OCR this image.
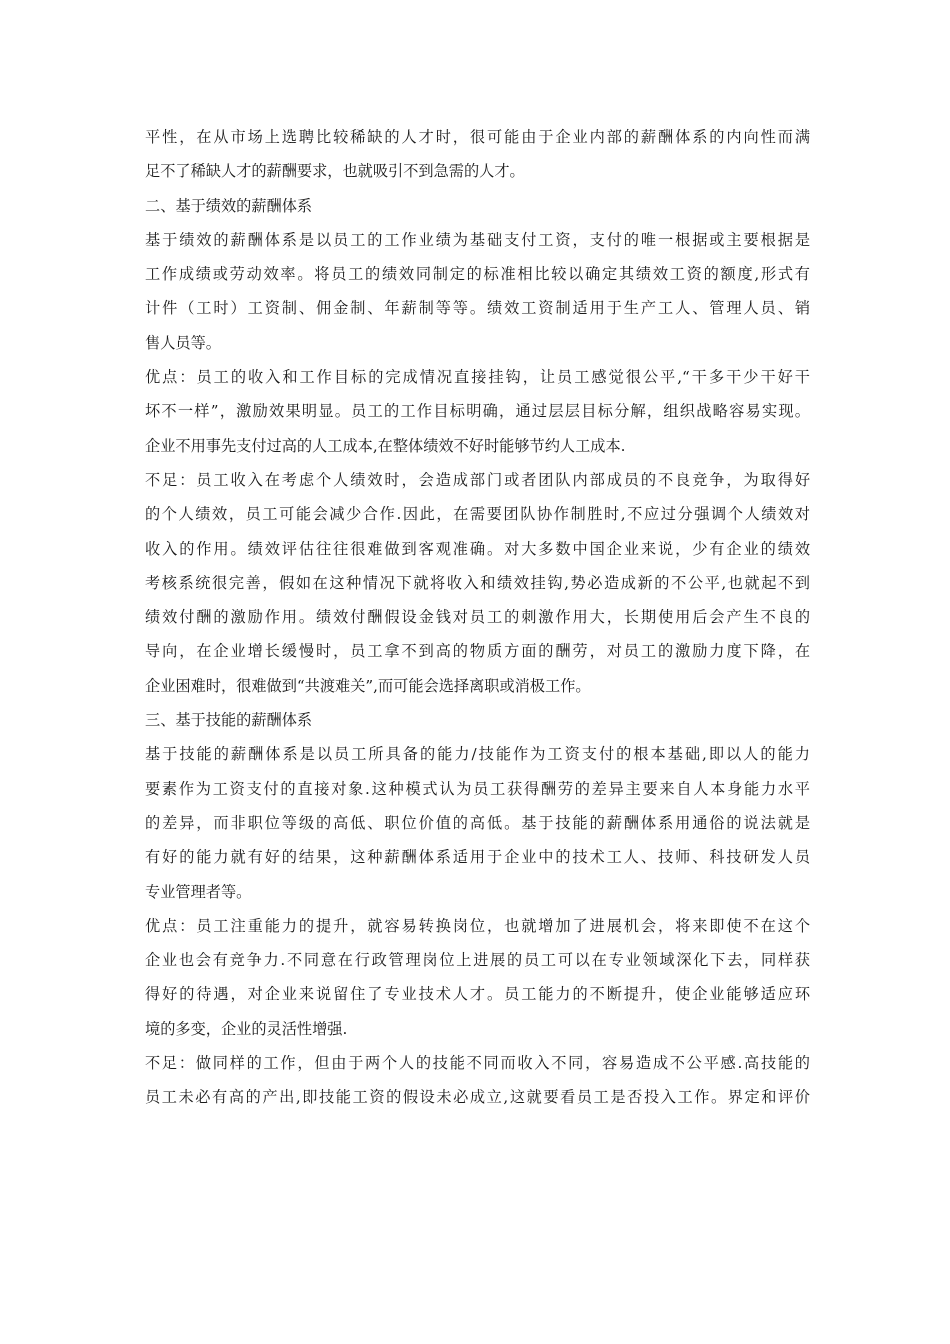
平性，在从市场上选聘比较稀缺的人才时，很可能由于企业内部的薪酬体系的内向性而满
足不了稀缺人才的薪酬要求，也就吸引不到急需的人才。
二、基于绩效的薪酬体系
基于绩效的薪酬体系是以员工的工作业绩为基础支付工资，支付的唯一根据或主要根据是
工作成绩或劳动效率。将员工的绩效同制定的标准相比较以确定其绩效工资的额度,形式有
计件（工时）工资制、佣金制、年薪制等等。绩效工资制适用于生产工人、管理人员、销
售人员等。
优点：员工的收入和工作目标的完成情况直接挂钩，让员工感觉很公平,“干多干少干好干
坏不一样”，激励效果明显。员工的工作目标明确，通过层层目标分解，组织战略容易实现。
企业不用事先支付过高的人工成本,在整体绩效不好时能够节约人工成本.
不足：员工收入在考虑个人绩效时，会造成部门或者团队内部成员的不良竞争，为取得好
的个人绩效，员工可能会减少合作.因此，在需要团队协作制胜时,不应过分强调个人绩效对
收入的作用。绩效评估往往很难做到客观准确。对大多数中国企业来说，少有企业的绩效
考核系统很完善，假如在这种情况下就将收入和绩效挂钩,势必造成新的不公平,也就起不到
绩效付酬的激励作用。绩效付酬假设金钱对员工的刺激作用大，长期使用后会产生不良的
导向，在企业增长缓慢时，员工拿不到高的物质方面的酬劳，对员工的激励力度下降，在
企业困难时，很难做到“共渡难关”,而可能会选择离职或消极工作。
三、基于技能的薪酬体系
基于技能的薪酬体系是以员工所具备的能力/技能作为工资支付的根本基础,即以人的能力
要素作为工资支付的直接对象.这种模式认为员工获得酬劳的差异主要来自人本身能力水平
的差异，而非职位等级的高低、职位价值的高低。基于技能的薪酬体系用通俗的说法就是
有好的能力就有好的结果，这种薪酬体系适用于企业中的技术工人、技师、科技研发人员
专业管理者等。
优点：员工注重能力的提升，就容易转换岗位，也就增加了进展机会，将来即使不在这个
企业也会有竞争力.不同意在行政管理岗位上进展的员工可以在专业领域深化下去，同样获
得好的待遇，对企业来说留住了专业技术人才。员工能力的不断提升，使企业能够适应环
境的多变，企业的灵活性增强.
不足：做同样的工作，但由于两个人的技能不同而收入不同，容易造成不公平感.高技能的
员工未必有高的产出,即技能工资的假设未必成立,这就要看员工是否投入工作。界定和评价
